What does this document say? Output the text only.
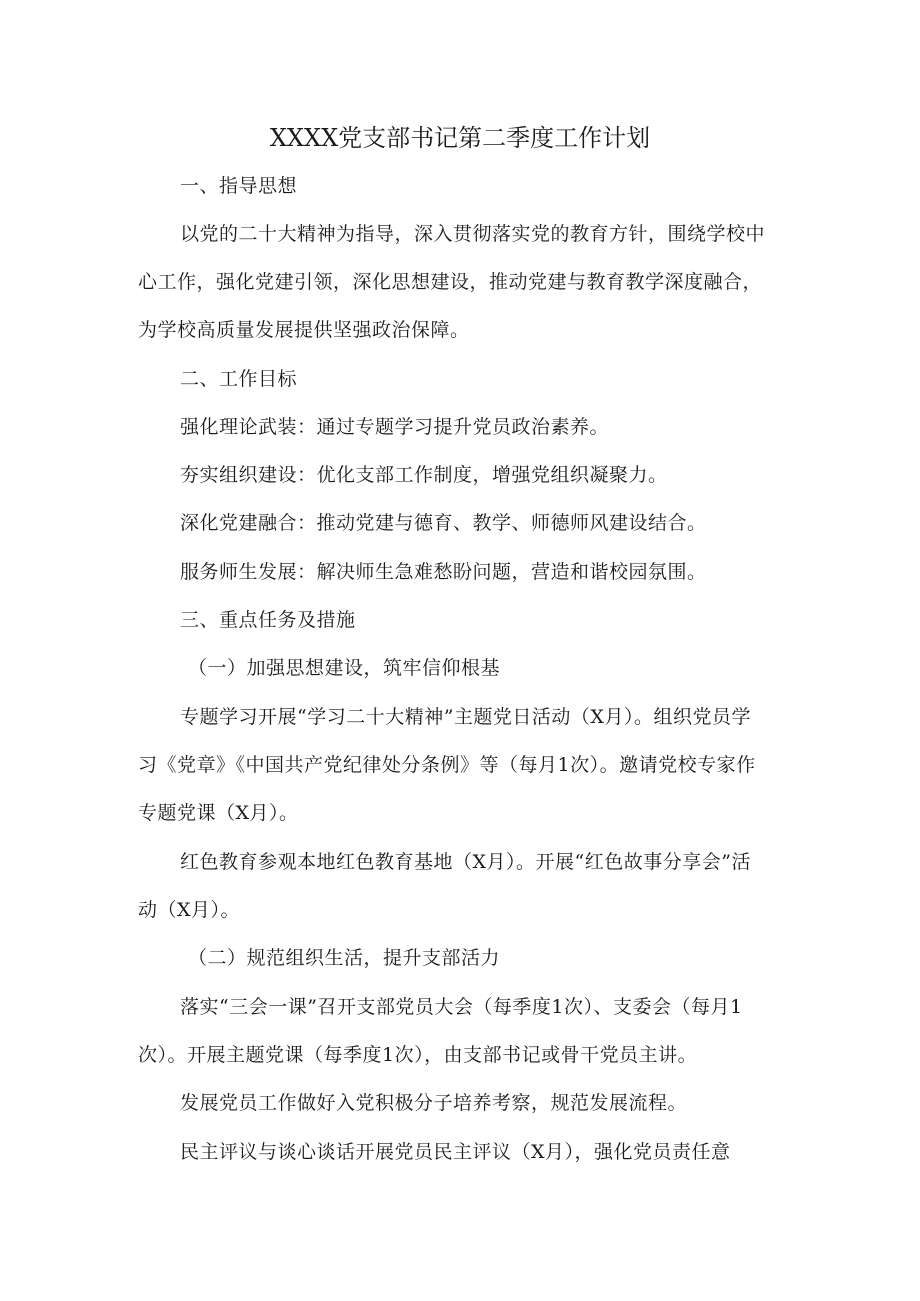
XXXX党支部书记第二季度工作计划
一、指导思想
以党的二十大精神为指导，深入贯彻落实党的教育方针，围绕学校中
心工作，强化党建引领，深化思想建设，推动党建与教育教学深度融合，
为学校高质量发展提供坚强政治保障。
二、工作目标
强化理论武装：通过专题学习提升党员政治素养。
夯实组织建设：优化支部工作制度，增强党组织凝聚力。
深化党建融合：推动党建与德育、教学、师德师风建设结合。
服务师生发展：解决师生急难愁盼问题，营造和谐校园氛围。
三、重点任务及措施
（一）加强思想建设，筑牢信仰根基
专题学习开展“学习二十大精神”主题党日活动（X月）。组织党员学
习《党章》《中国共产党纪律处分条例》等（每月1次）。邀请党校专家作
专题党课（X月）。
红色教育参观本地红色教育基地（X月）。开展“红色故事分享会”活
动（X月）。
（二）规范组织生活，提升支部活力
落实“三会一课”召开支部党员大会（每季度1次）、支委会（每月1
次）。开展主题党课（每季度1次），由支部书记或骨干党员主讲。
发展党员工作做好入党积极分子培养考察，规范发展流程。
民主评议与谈心谈话开展党员民主评议（X月），强化党员责任意
